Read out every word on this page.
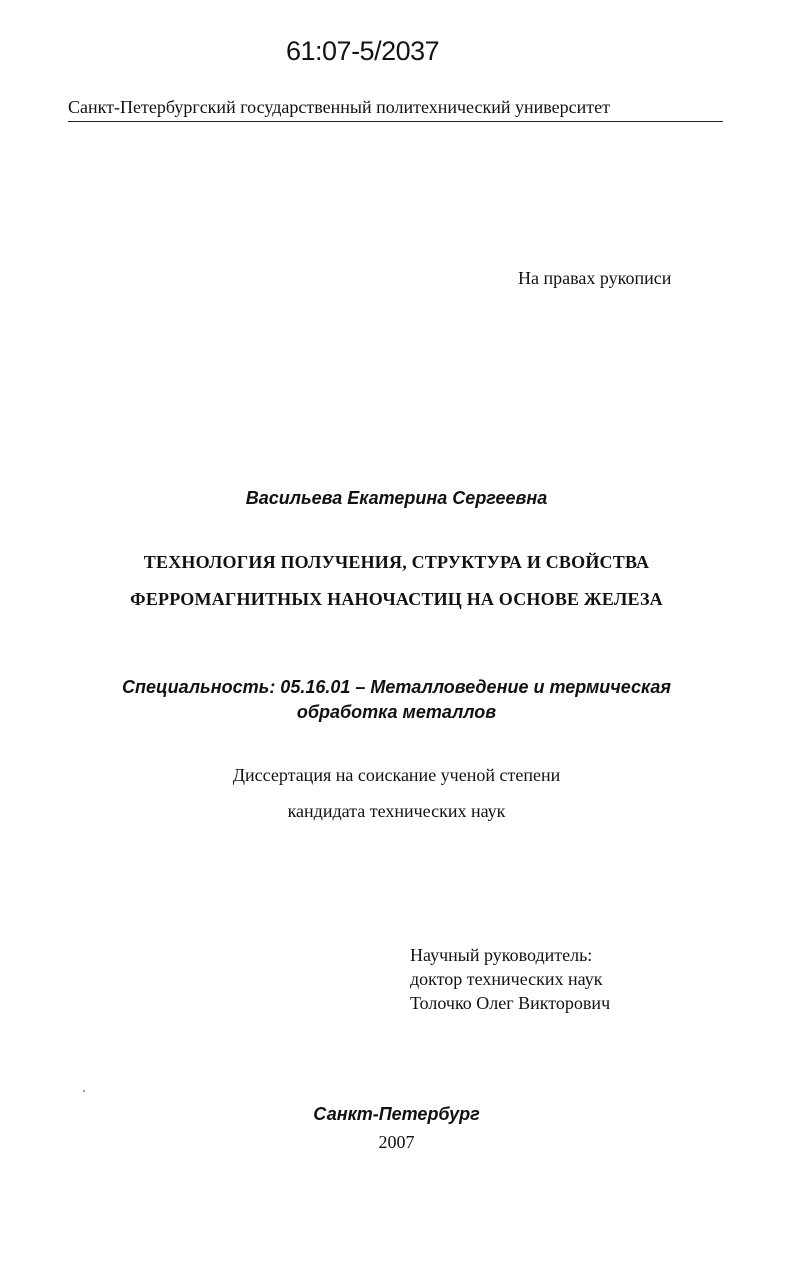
61:07-5/2037
Санкт-Петербургский государственный политехнический университет
На правах рукописи
Васильева Екатерина Сергеевна
ТЕХНОЛОГИЯ ПОЛУЧЕНИЯ, СТРУКТУРА И СВОЙСТВА
ФЕРРОМАГНИТНЫХ НАНОЧАСТИЦ НА ОСНОВЕ ЖЕЛЕЗА
Специальность: 05.16.01 – Металловедение и термическая
обработка металлов
Диссертация на соискание ученой степени
кандидата технических наук
Научный руководитель:
доктор технических наук
Толочко Олег Викторович
Санкт-Петербург
2007
